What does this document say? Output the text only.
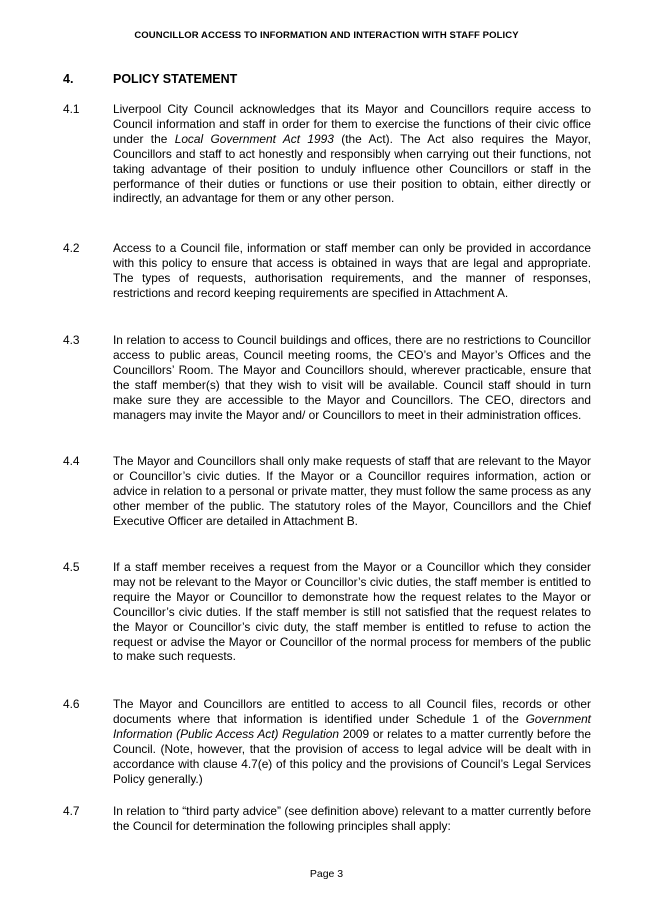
COUNCILLOR ACCESS TO INFORMATION AND INTERACTION WITH STAFF POLICY
4.	POLICY STATEMENT
4.1	Liverpool City Council acknowledges that its Mayor and Councillors require access to Council information and staff in order for them to exercise the functions of their civic office under the Local Government Act 1993 (the Act). The Act also requires the Mayor, Councillors and staff to act honestly and responsibly when carrying out their functions, not taking advantage of their position to unduly influence other Councillors or staff in the performance of their duties or functions or use their position to obtain, either directly or indirectly, an advantage for them or any other person.
4.2	Access to a Council file, information or staff member can only be provided in accordance with this policy to ensure that access is obtained in ways that are legal and appropriate. The types of requests, authorisation requirements, and the manner of responses, restrictions and record keeping requirements are specified in Attachment A.
4.3	In relation to access to Council buildings and offices, there are no restrictions to Councillor access to public areas, Council meeting rooms, the CEO’s and Mayor’s Offices and the Councillors’ Room. The Mayor and Councillors should, wherever practicable, ensure that the staff member(s) that they wish to visit will be available. Council staff should in turn make sure they are accessible to the Mayor and Councillors. The CEO, directors and managers may invite the Mayor and/ or Councillors to meet in their administration offices.
4.4	The Mayor and Councillors shall only make requests of staff that are relevant to the Mayor or Councillor’s civic duties. If the Mayor or a Councillor requires information, action or advice in relation to a personal or private matter, they must follow the same process as any other member of the public. The statutory roles of the Mayor, Councillors and the Chief Executive Officer are detailed in Attachment B.
4.5	If a staff member receives a request from the Mayor or a Councillor which they consider may not be relevant to the Mayor or Councillor’s civic duties, the staff member is entitled to require the Mayor or Councillor to demonstrate how the request relates to the Mayor or Councillor’s civic duties. If the staff member is still not satisfied that the request relates to the Mayor or Councillor’s civic duty, the staff member is entitled to refuse to action the request or advise the Mayor or Councillor of the normal process for members of the public to make such requests.
4.6	The Mayor and Councillors are entitled to access to all Council files, records or other documents where that information is identified under Schedule 1 of the Government Information (Public Access Act) Regulation 2009 or relates to a matter currently before the Council. (Note, however, that the provision of access to legal advice will be dealt with in accordance with clause 4.7(e) of this policy and the provisions of Council’s Legal Services Policy generally.)
4.7	In relation to “third party advice” (see definition above) relevant to a matter currently before the Council for determination the following principles shall apply:
Page 3
